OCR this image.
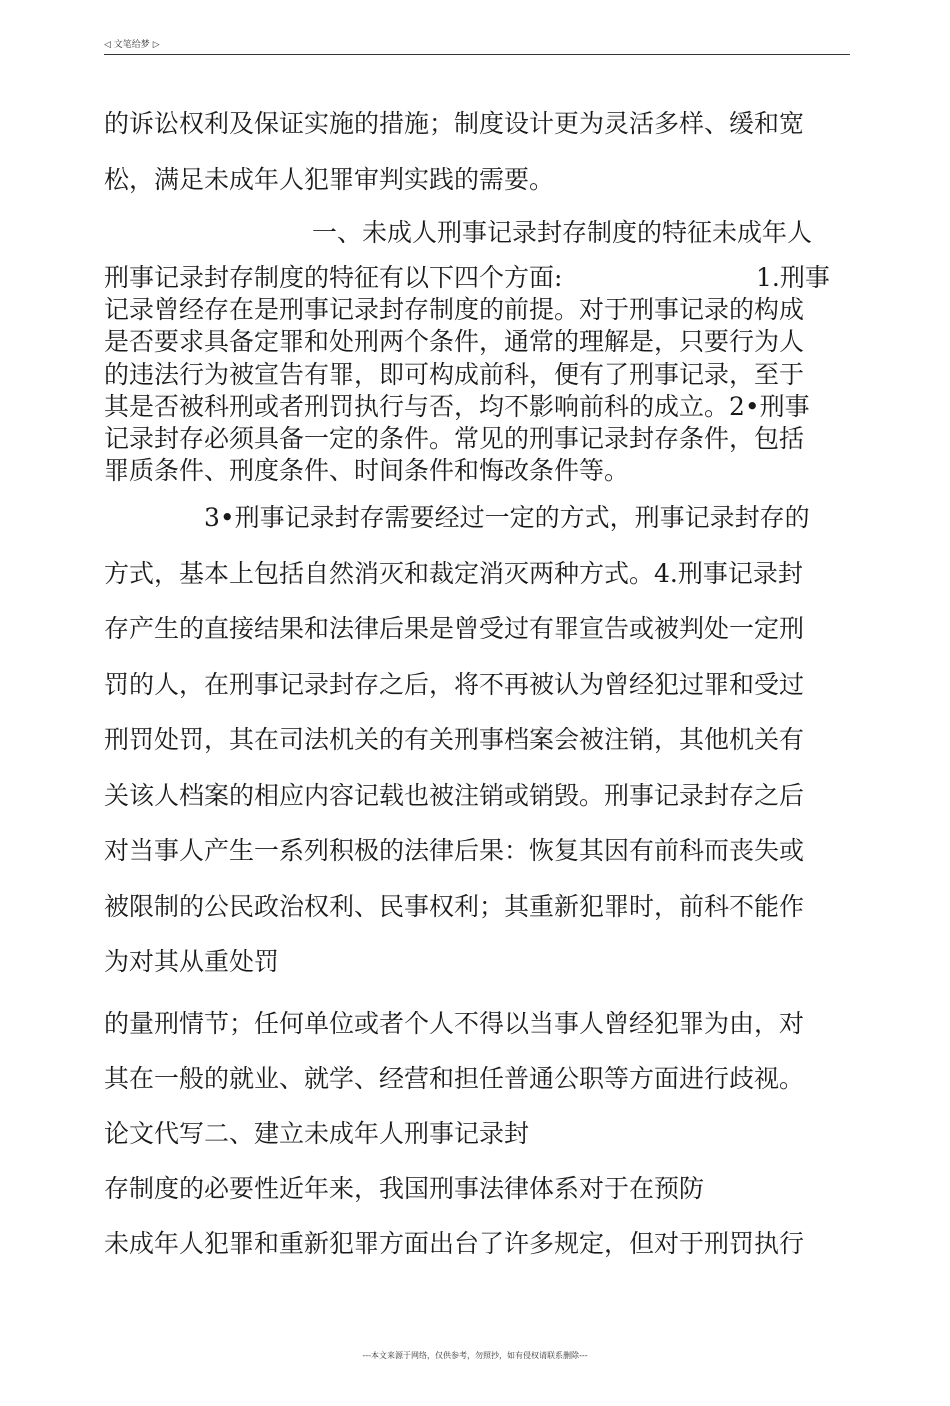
◁ 文笔给梦 ▷
的诉讼权利及保证实施的措施；制度设计更为灵活多样、缓和宽
松，满足未成年人犯罪审判实践的需要。
一、未成人刑事记录封存制度的特征未成年人
刑事记录封存制度的特征有以下四个方面:	1.刑事
记录曾经存在是刑事记录封存制度的前提。对于刑事记录的构成
是否要求具备定罪和处刑两个条件，通常的理解是，只要行为人
的违法行为被宣告有罪，即可构成前科，便有了刑事记录，至于
其是否被科刑或者刑罚执行与否，均不影响前科的成立。2•刑事
记录封存必须具备一定的条件。常见的刑事记录封存条件，包括
罪质条件、刑度条件、时间条件和悔改条件等。
3•刑事记录封存需要经过一定的方式，刑事记录封存的
方式，基本上包括自然消灭和裁定消灭两种方式。4.刑事记录封
存产生的直接结果和法律后果是曾受过有罪宣告或被判处一定刑
罚的人，在刑事记录封存之后，将不再被认为曾经犯过罪和受过
刑罚处罚，其在司法机关的有关刑事档案会被注销，其他机关有
关该人档案的相应内容记载也被注销或销毁。刑事记录封存之后
对当事人产生一系列积极的法律后果：恢复其因有前科而丧失或
被限制的公民政治权利、民事权利；其重新犯罪时，前科不能作
为对其从重处罚
的量刑情节；任何单位或者个人不得以当事人曾经犯罪为由，对
其在一般的就业、就学、经营和担任普通公职等方面进行歧视。
论文代写二、建立未成年人刑事记录封
存制度的必要性近年来，我国刑事法律体系对于在预防
未成年人犯罪和重新犯罪方面出台了许多规定，但对于刑罚执行
---本文来源于网络，仅供参考，勿照抄，如有侵权请联系删除---
